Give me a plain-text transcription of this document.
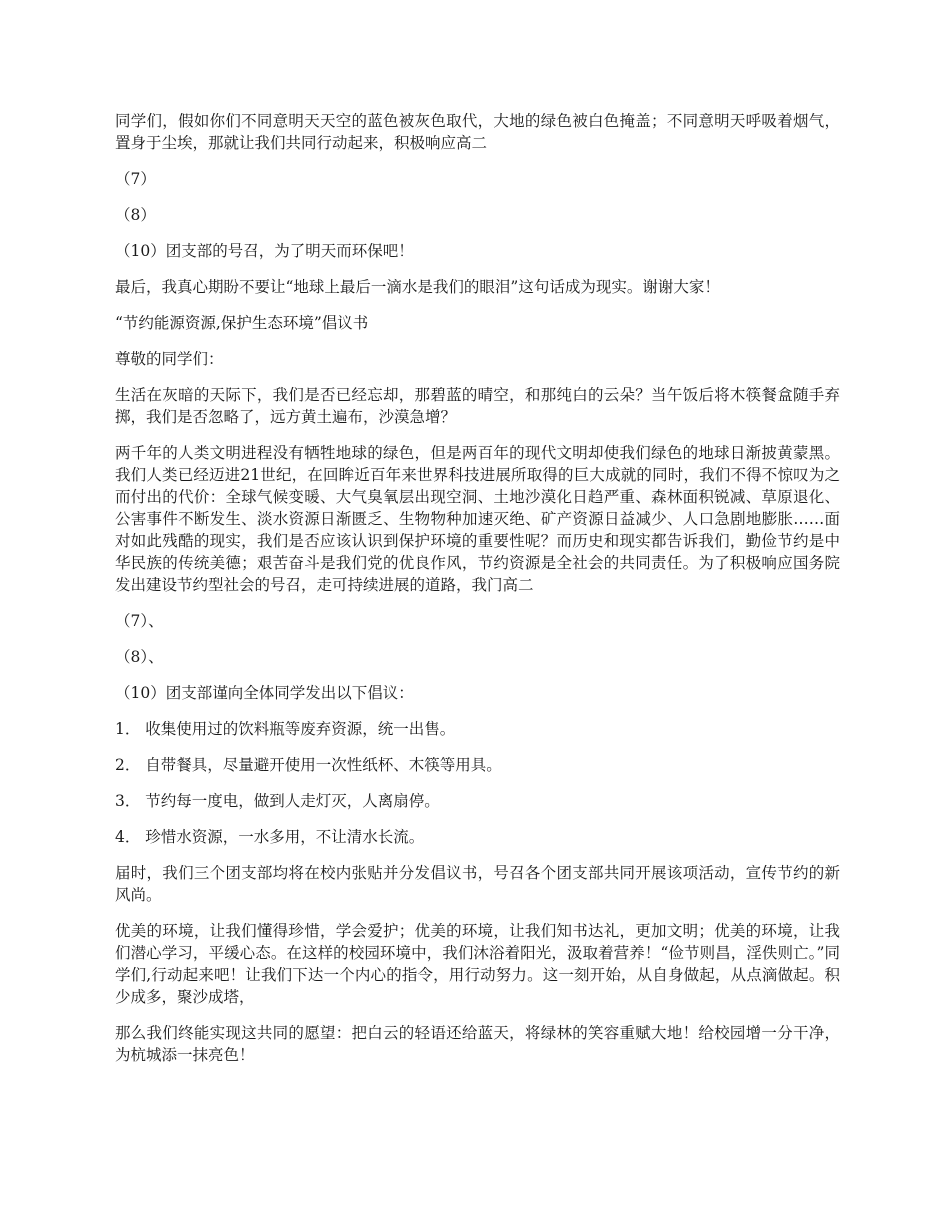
同学们，假如你们不同意明天天空的蓝色被灰色取代，大地的绿色被白色掩盖；不同意明天呼吸着烟气，置身于尘埃，那就让我们共同行动起来，积极响应高二

（7）

（8）

（10）团支部的号召，为了明天而环保吧！

最后，我真心期盼不要让“地球上最后一滴水是我们的眼泪”这句话成为现实。谢谢大家！

“节约能源资源,保护生态环境”倡议书

尊敬的同学们：

生活在灰暗的天际下，我们是否已经忘却，那碧蓝的晴空，和那纯白的云朵？当午饭后将木筷餐盒随手弃掷，我们是否忽略了，远方黄土遍布，沙漠急增？

两千年的人类文明进程没有牺牲地球的绿色，但是两百年的现代文明却使我们绿色的地球日渐披黄蒙黑。我们人类已经迈进21世纪，在回眸近百年来世界科技进展所取得的巨大成就的同时，我们不得不惊叹为之而付出的代价：全球气候变暖、大气臭氧层出现空洞、土地沙漠化日趋严重、森林面积锐减、草原退化、公害事件不断发生、淡水资源日渐匮乏、生物物种加速灭绝、矿产资源日益减少、人口急剧地膨胀……面对如此残酷的现实，我们是否应该认识到保护环境的重要性呢？而历史和现实都告诉我们，勤俭节约是中华民族的传统美德；艰苦奋斗是我们党的优良作风，节约资源是全社会的共同责任。为了积极响应国务院发出建设节约型社会的号召，走可持续进展的道路，我门高二

（7）、

（8）、

（10）团支部谨向全体同学发出以下倡议：

1． 收集使用过的饮料瓶等废弃资源，统一出售。

2． 自带餐具，尽量避开使用一次性纸杯、木筷等用具。

3． 节约每一度电，做到人走灯灭，人离扇停。

4． 珍惜水资源，一水多用，不让清水长流。

届时，我们三个团支部均将在校内张贴并分发倡议书，号召各个团支部共同开展该项活动，宣传节约的新风尚。

优美的环境，让我们懂得珍惜，学会爱护；优美的环境，让我们知书达礼，更加文明；优美的环境，让我们潜心学习，平缓心态。在这样的校园环境中，我们沐浴着阳光，汲取着营养！“俭节则昌，淫佚则亡。”同学们,行动起来吧！让我们下达一个内心的指令，用行动努力。这一刻开始，从自身做起，从点滴做起。积少成多，聚沙成塔，

那么我们终能实现这共同的愿望：把白云的轻语还给蓝天，将绿林的笑容重赋大地！给校园增一分干净，为杭城添一抹亮色！
